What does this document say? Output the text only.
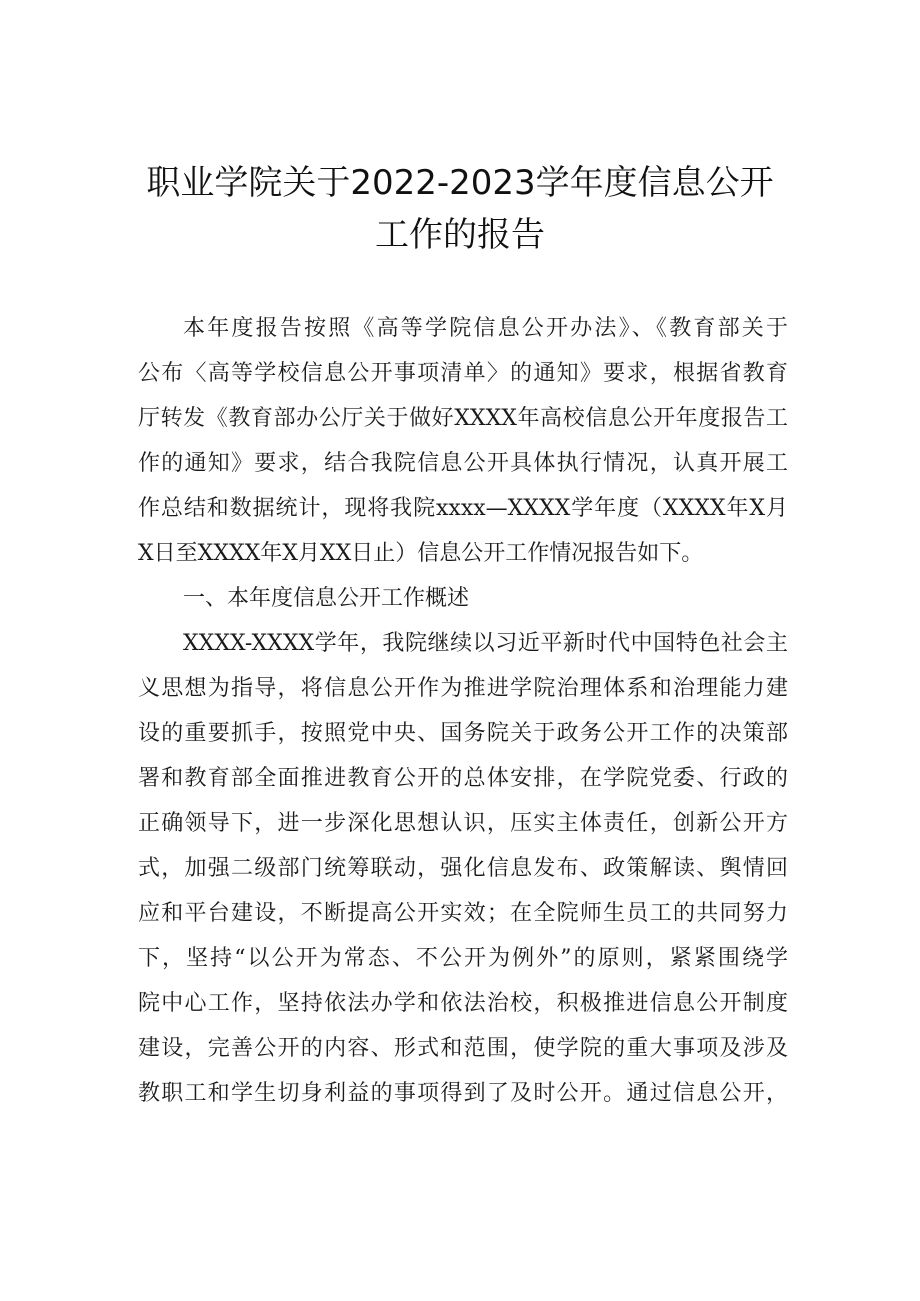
职业学院关于2022-2023学年度信息公开
工作的报告
本年度报告按照《高等学院信息公开办法》、《教育部关于
公布〈高等学校信息公开事项清单〉的通知》要求，根据省教育
厅转发《教育部办公厅关于做好XXXX年高校信息公开年度报告工
作的通知》要求，结合我院信息公开具体执行情况，认真开展工
作总结和数据统计，现将我院xxxx—XXXX学年度（XXXX年X月
X日至XXXX年X月XX日止）信息公开工作情况报告如下。
一、本年度信息公开工作概述
XXXX-XXXX学年，我院继续以习近平新时代中国特色社会主
义思想为指导，将信息公开作为推进学院治理体系和治理能力建
设的重要抓手，按照党中央、国务院关于政务公开工作的决策部
署和教育部全面推进教育公开的总体安排，在学院党委、行政的
正确领导下，进一步深化思想认识，压实主体责任，创新公开方
式，加强二级部门统筹联动，强化信息发布、政策解读、舆情回
应和平台建设，不断提高公开实效；在全院师生员工的共同努力
下，坚持“以公开为常态、不公开为例外”的原则，紧紧围绕学
院中心工作，坚持依法办学和依法治校，积极推进信息公开制度
建设，完善公开的内容、形式和范围，使学院的重大事项及涉及
教职工和学生切身利益的事项得到了及时公开。通过信息公开，
